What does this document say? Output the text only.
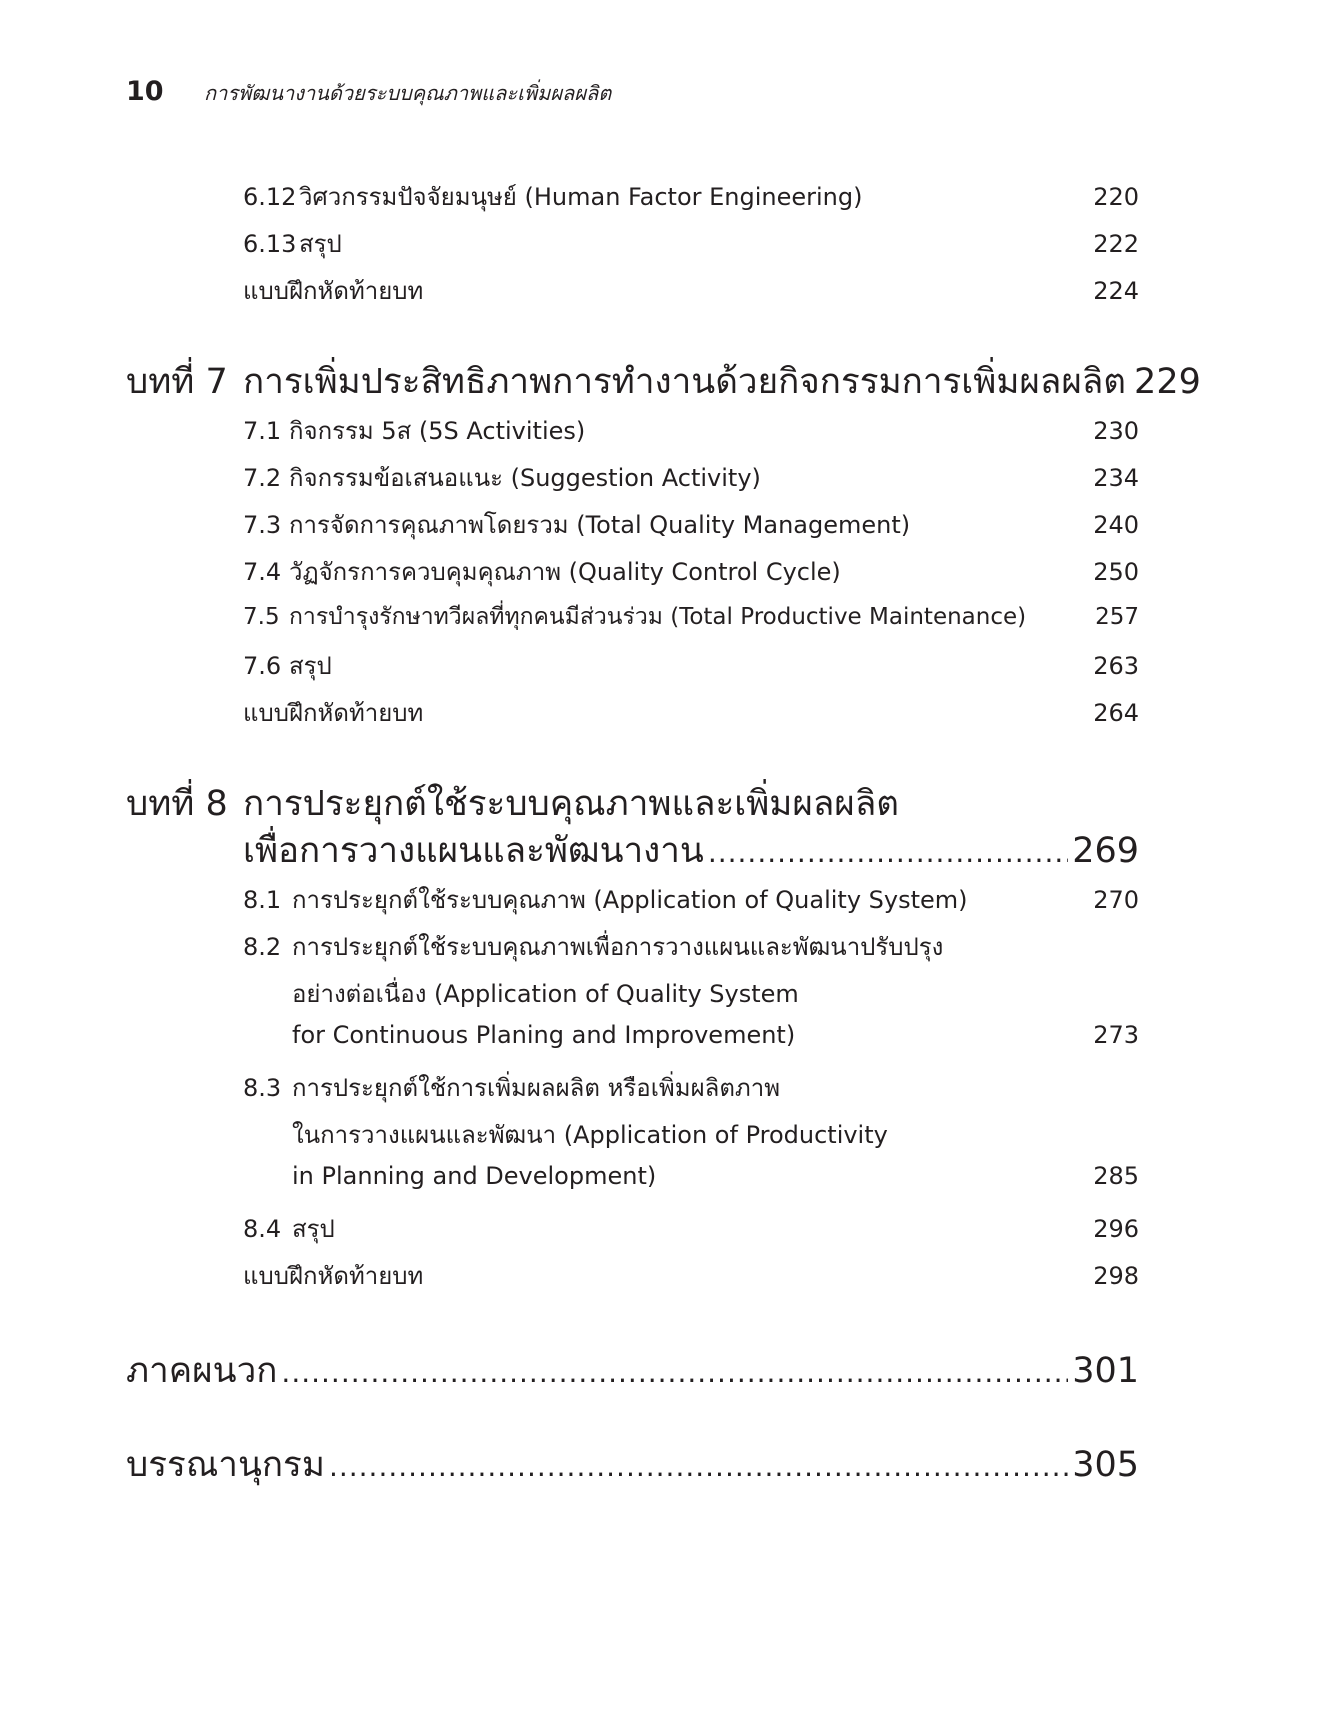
10	การพัฒนางานด้วยระบบคุณภาพและเพิ่มผลผลิต
6.12 วิศวกรรมปัจจัยมนุษย์ (Human Factor Engineering)	220
6.13 สรุป	222
แบบฝึกหัดท้ายบท	224
บทที่ 7 การเพิ่มประสิทธิภาพการทำงานด้วยกิจกรรมการเพิ่มผลผลิต 229
7.1 กิจกรรม 5ส (5S Activities)	230
7.2 กิจกรรมข้อเสนอแนะ (Suggestion Activity)	234
7.3 การจัดการคุณภาพโดยรวม (Total Quality Management)	240
7.4 วัฏจักรการควบคุมคุณภาพ (Quality Control Cycle)	250
7.5 การบำรุงรักษาทวีผลที่ทุกคนมีส่วนร่วม (Total Productive Maintenance)	257
7.6 สรุป	263
แบบฝึกหัดท้ายบท	264
บทที่ 8 การประยุกต์ใช้ระบบคุณภาพและเพิ่มผลผลิต
เพื่อการวางแผนและพัฒนางาน .....	269
8.1 การประยุกต์ใช้ระบบคุณภาพ (Application of Quality System)	270
8.2 การประยุกต์ใช้ระบบคุณภาพเพื่อการวางแผนและพัฒนาปรับปรุง
อย่างต่อเนื่อง (Application of Quality System
for Continuous Planing and Improvement)	273
8.3 การประยุกต์ใช้การเพิ่มผลผลิต หรือเพิ่มผลิตภาพ
ในการวางแผนและพัฒนา (Application of Productivity
in Planning and Development)	285
8.4 สรุป	296
แบบฝึกหัดท้ายบท	298
ภาคผนวก .....	301
บรรณานุกรม .....	305
